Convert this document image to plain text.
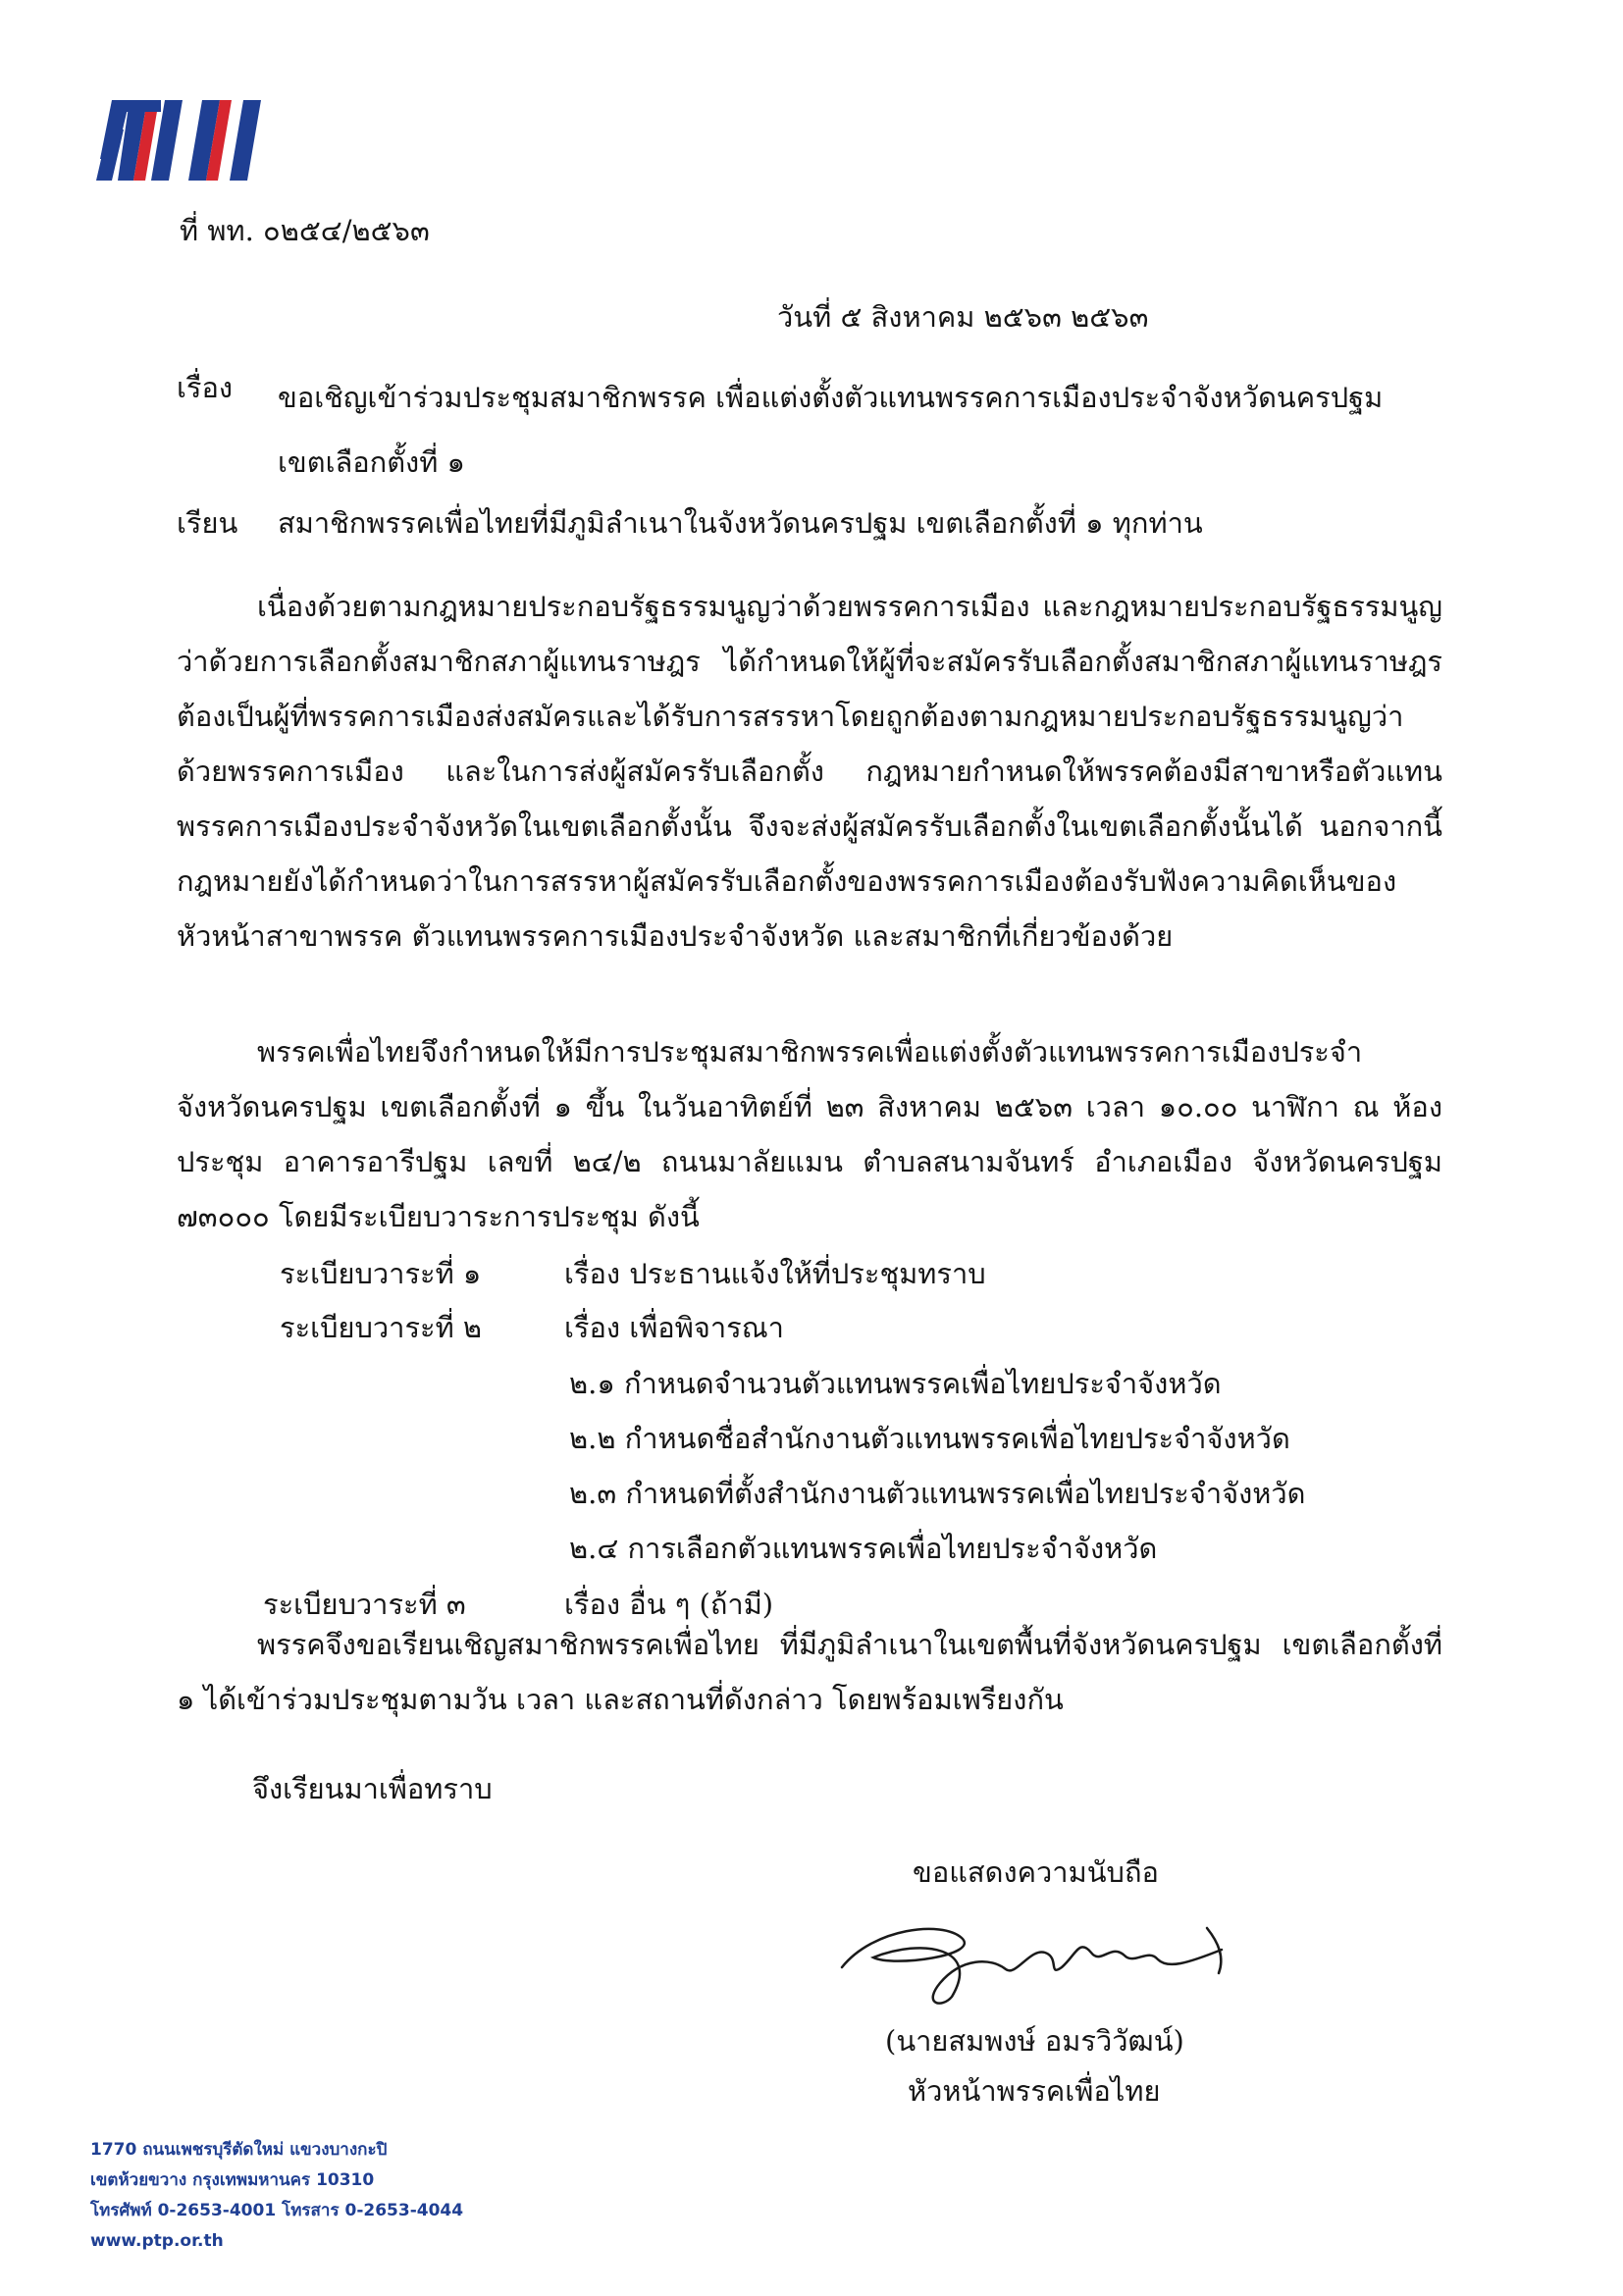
ที่ พท. ๐๒๕๔/๒๕๖๓
วันที่ ๕ สิงหาคม ๒๕๖๓ ๒๕๖๓
เรื่อง ขอเชิญเข้าร่วมประชุมสมาชิกพรรค เพื่อแต่งตั้งตัวแทนพรรคการเมืองประจำจังหวัดนครปฐม
เขตเลือกตั้งที่ ๑
เรียน สมาชิกพรรคเพื่อไทยที่มีภูมิลำเนาในจังหวัดนครปฐม เขตเลือกตั้งที่ ๑ ทุกท่าน
เนื่องด้วยตามกฎหมายประกอบรัฐธรรมนูญว่าด้วยพรรคการเมือง และกฎหมายประกอบรัฐธรรมนูญว่าด้วยการเลือกตั้งสมาชิกสภาผู้แทนราษฎร ได้กำหนดให้ผู้ที่จะสมัครรับเลือกตั้งสมาชิกสภาผู้แทนราษฎรต้องเป็นผู้ที่พรรคการเมืองส่งสมัครและได้รับการสรรหาโดยถูกต้องตามกฎหมายประกอบรัฐธรรมนูญว่าด้วยพรรคการเมือง และในการส่งผู้สมัครรับเลือกตั้ง กฎหมายกำหนดให้พรรคต้องมีสาขาหรือตัวแทนพรรคการเมืองประจำจังหวัดในเขตเลือกตั้งนั้น จึงจะส่งผู้สมัครรับเลือกตั้งในเขตเลือกตั้งนั้นได้ นอกจากนี้กฎหมายยังได้กำหนดว่าในการสรรหาผู้สมัครรับเลือกตั้งของพรรคการเมืองต้องรับฟังความคิดเห็นของหัวหน้าสาขาพรรค ตัวแทนพรรคการเมืองประจำจังหวัด และสมาชิกที่เกี่ยวข้องด้วย
พรรคเพื่อไทยจึงกำหนดให้มีการประชุมสมาชิกพรรคเพื่อแต่งตั้งตัวแทนพรรคการเมืองประจำจังหวัดนครปฐม เขตเลือกตั้งที่ ๑ ขึ้น ในวันอาทิตย์ที่ ๒๓ สิงหาคม ๒๕๖๓ เวลา ๑๐.๐๐ นาฬิกา ณ ห้องประชุม อาคารอารีปฐม เลขที่ ๒๔/๒ ถนนมาลัยแมน ตำบลสนามจันทร์ อำเภอเมือง จังหวัดนครปฐม ๗๓๐๐๐ โดยมีระเบียบวาระการประชุม ดังนี้
ระเบียบวาระที่ ๑	เรื่อง ประธานแจ้งให้ที่ประชุมทราบ
ระเบียบวาระที่ ๒	เรื่อง เพื่อพิจารณา
๒.๑ กำหนดจำนวนตัวแทนพรรคเพื่อไทยประจำจังหวัด
๒.๒ กำหนดชื่อสำนักงานตัวแทนพรรคเพื่อไทยประจำจังหวัด
๒.๓ กำหนดที่ตั้งสำนักงานตัวแทนพรรคเพื่อไทยประจำจังหวัด
๒.๔ การเลือกตัวแทนพรรคเพื่อไทยประจำจังหวัด
ระเบียบวาระที่ ๓	เรื่อง อื่น ๆ (ถ้ามี)
พรรคจึงขอเรียนเชิญสมาชิกพรรคเพื่อไทย ที่มีภูมิลำเนาในเขตพื้นที่จังหวัดนครปฐม เขตเลือกตั้งที่ ๑ ได้เข้าร่วมประชุมตามวัน เวลา และสถานที่ดังกล่าว โดยพร้อมเพรียงกัน
จึงเรียนมาเพื่อทราบ
ขอแสดงความนับถือ
(นายสมพงษ์ อมรวิวัฒน์)
หัวหน้าพรรคเพื่อไทย
1770 ถนนเพชรบุรีตัดใหม่ แขวงบางกะปิ
เขตห้วยขวาง กรุงเทพมหานคร 10310
โทรศัพท์ 0-2653-4001 โทรสาร 0-2653-4044
www.ptp.or.th
